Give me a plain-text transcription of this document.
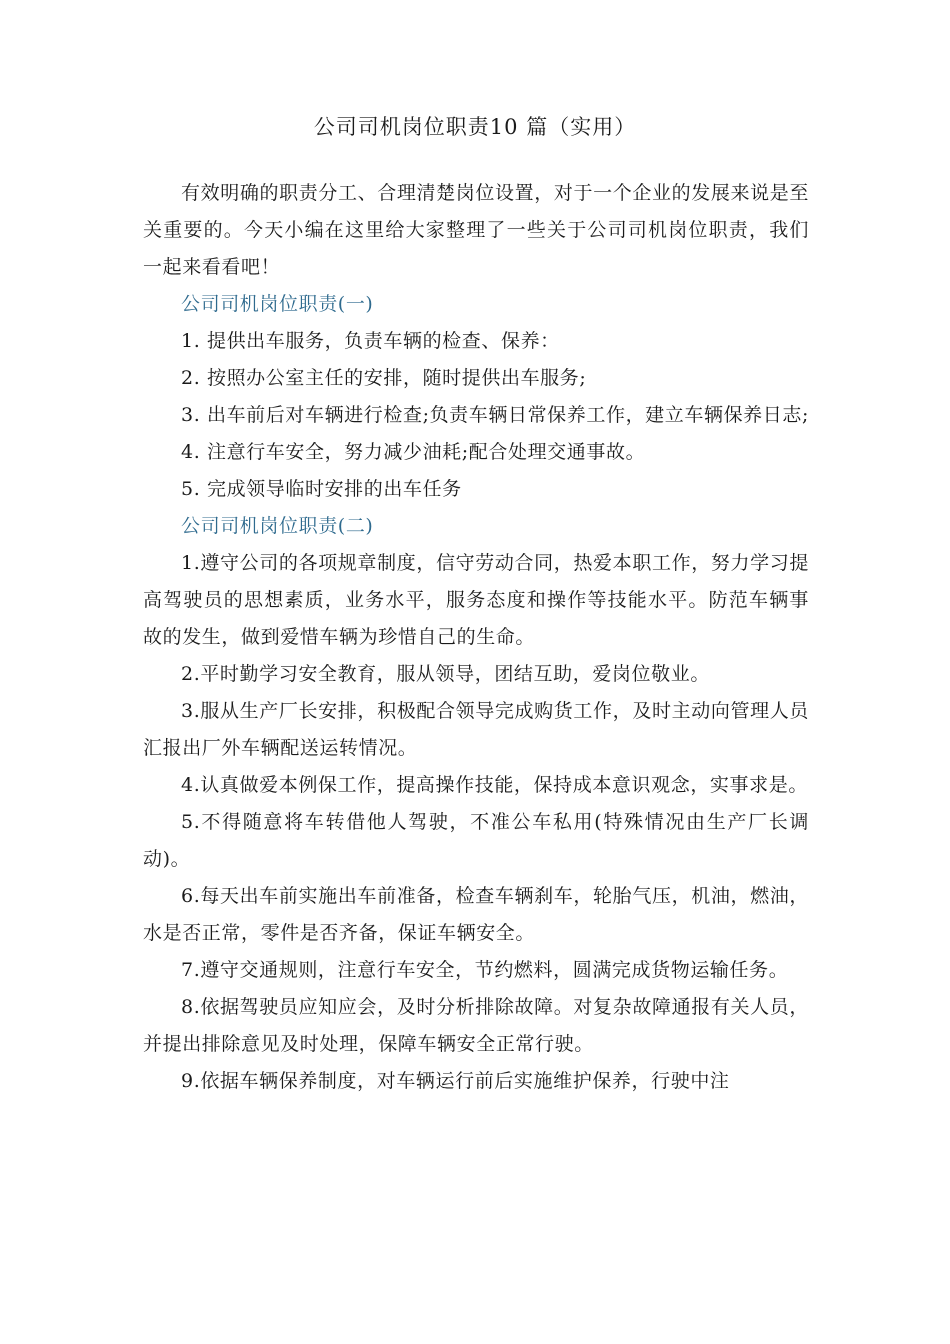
公司司机岗位职责10 篇（实用）

有效明确的职责分工、合理清楚岗位设置，对于一个企业的发展来说是至关重要的。今天小编在这里给大家整理了一些关于公司司机岗位职责，我们一起来看看吧！

公司司机岗位职责(一)

1. 提供出车服务，负责车辆的检查、保养：

2. 按照办公室主任的安排，随时提供出车服务;

3. 出车前后对车辆进行检查;负责车辆日常保养工作，建立车辆保养日志;

4. 注意行车安全，努力减少油耗;配合处理交通事故。

5. 完成领导临时安排的出车任务

公司司机岗位职责(二)

1.遵守公司的各项规章制度，信守劳动合同，热爱本职工作，努力学习提高驾驶员的思想素质，业务水平，服务态度和操作等技能水平。防范车辆事故的发生，做到爱惜车辆为珍惜自己的生命。

2.平时勤学习安全教育，服从领导，团结互助，爱岗位敬业。

3.服从生产厂长安排，积极配合领导完成购货工作，及时主动向管理人员汇报出厂外车辆配送运转情况。

4.认真做爱本例保工作，提高操作技能，保持成本意识观念，实事求是。

5.不得随意将车转借他人驾驶，不准公车私用(特殊情况由生产厂长调动)。

6.每天出车前实施出车前准备，检查车辆刹车，轮胎气压，机油，燃油，水是否正常，零件是否齐备，保证车辆安全。

7.遵守交通规则，注意行车安全，节约燃料，圆满完成货物运输任务。

8.依据驾驶员应知应会，及时分析排除故障。对复杂故障通报有关人员，并提出排除意见及时处理，保障车辆安全正常行驶。

9.依据车辆保养制度，对车辆运行前后实施维护保养，行驶中注
